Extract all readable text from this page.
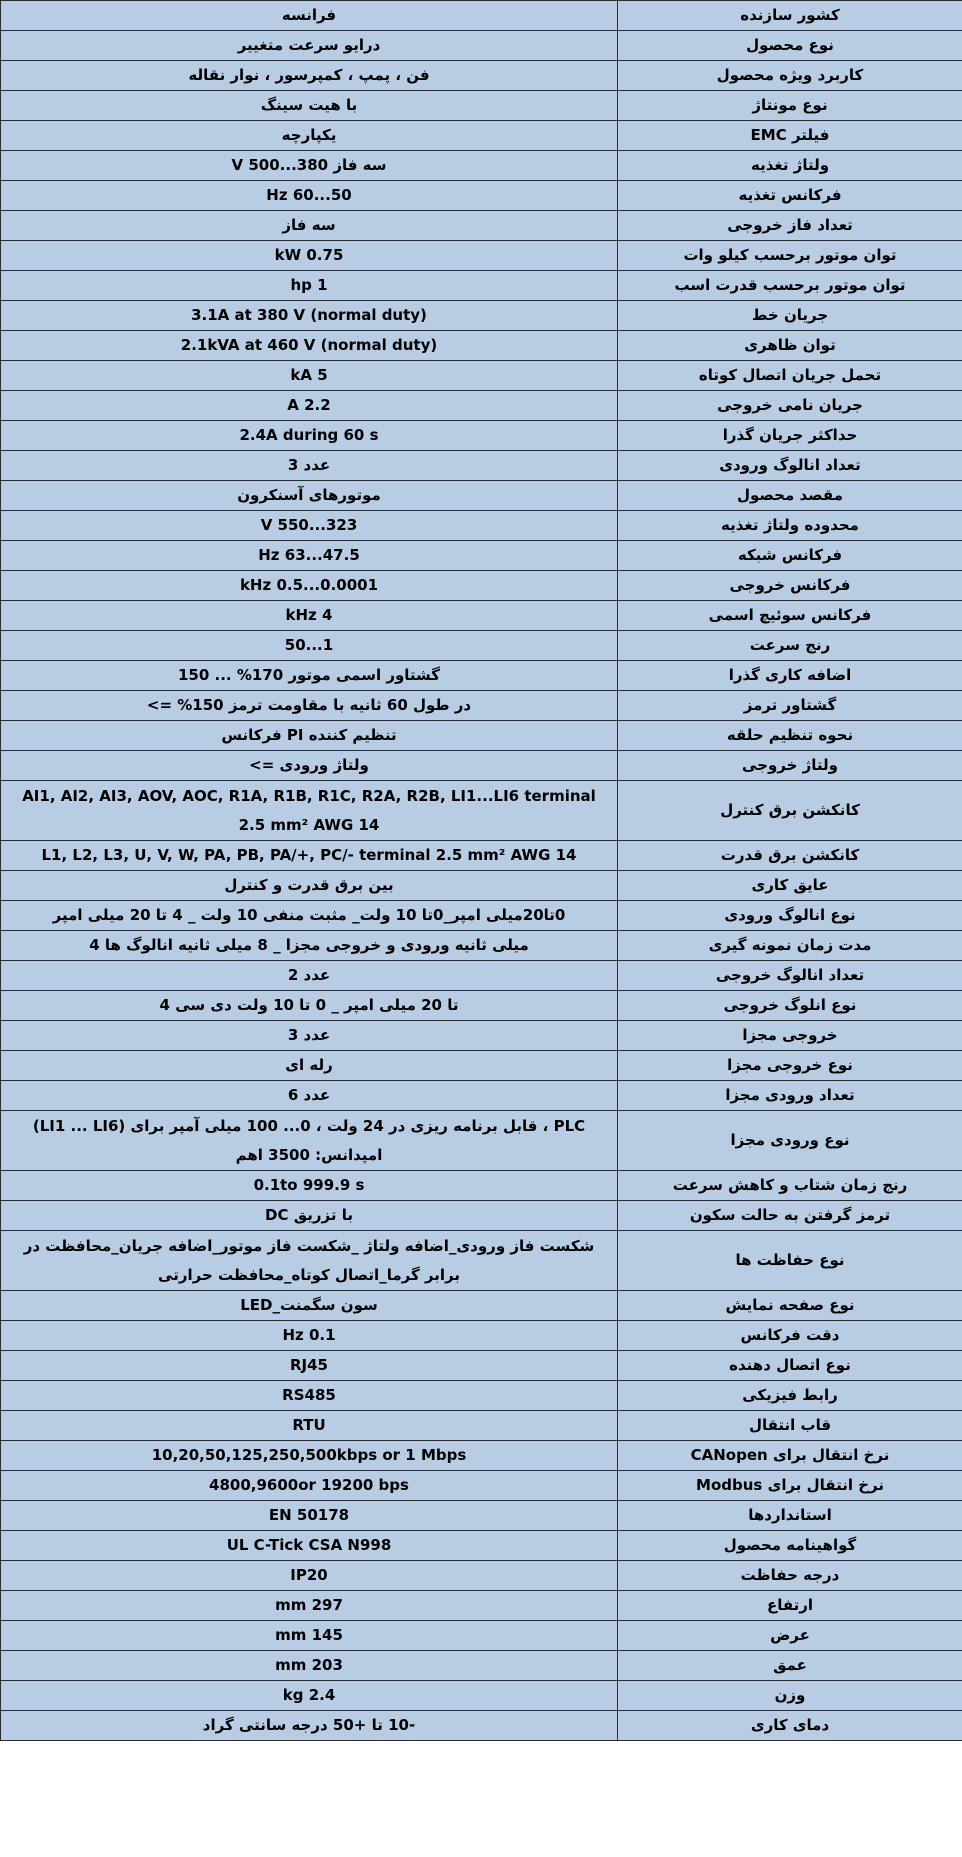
کشور سازنده	فرانسه
نوع محصول	درایو سرعت متغییر
کاربرد ویژه محصول	فن ، پمپ ، کمپرسور ، نوار نقاله
نوع مونتاژ	با هیت سینگ
فیلتر EMC	یکپارچه
ولتاژ تغذیه	سه فاز 380...500 V
فرکانس تغذیه	50...60 Hz
تعداد فاز خروجی	سه فاز
توان موتور برحسب کیلو وات	0.75 kW
توان موتور برحسب قدرت اسب	1 hp
جریان خط	3.1A at 380 V (normal duty)
توان ظاهری	2.1kVA at 460 V (normal duty)
تحمل جریان اتصال کوتاه	5 kA
جریان نامی خروجی	2.2 A
حداکثر جریان گذرا	2.4A during 60 s
تعداد انالوگ ورودی	عدد 3
مقصد محصول	موتورهای آسنکرون
محدوده ولتاژ تغذیه	323...550 V
فرکانس شبکه	47.5...63 Hz
فرکانس خروجی	0.0001...0.5 kHz
فرکانس سوئیچ اسمی	4 kHz
رنج سرعت	1...50
اضافه کاری گذرا	گشتاور اسمی موتور 170% ... 150
گشتاور ترمز	در طول 60 ثانیه با مقاومت ترمز 150% =>
نحوه تنظیم حلقه	تنظیم کننده PI فرکانس
ولتاژ خروجی	ولتاژ ورودی =>
کانکشن برق کنترل	AI1, AI2, AI3, AOV, AOC, R1A, R1B, R1C, R2A, R2B, LI1...LI6 terminal 2.5 mm² AWG 14
کانکشن برق قدرت	L1, L2, L3, U, V, W, PA, PB, PA/+, PC/- terminal 2.5 mm² AWG 14
عایق کاری	بین برق قدرت و کنترل
نوع انالوگ ورودی	0تا20میلی امپر_0تا 10 ولت_ مثبت منفی 10 ولت _ 4 تا 20 میلی امپر
مدت زمان نمونه گیری	میلی ثانیه ورودی و خروجی مجزا _ 8 میلی ثانیه انالوگ ها 4
تعداد انالوگ خروجی	عدد 2
نوع انلوگ خروجی	تا 20 میلی امپر _ 0 تا 10 ولت دی سی 4
خروجی مجزا	عدد 3
نوع خروجی مجزا	رله ای
تعداد ورودی مجزا	عدد 6
نوع ورودی مجزا	PLC ، قابل برنامه ریزی در 24 ولت ، 0... 100 میلی آمپر برای (LI1 ... LI6) امپدانس: 3500 اهم
رنج زمان شتاب و کاهش سرعت	0.1to 999.9 s
ترمز گرفتن به حالت سکون	با تزریق DC
نوع حفاظت ها	شکست فاز ورودی_اضافه ولتاژ _شکست فاز موتور_اضافه جریان_محافظت در برابر گرما_اتصال کوتاه_محافظت حرارتی
نوع صفحه نمایش	سون سگمنت_LED
دقت فرکانس	0.1 Hz
نوع اتصال دهنده	RJ45
رابط فیزیکی	RS485
قاب انتقال	RTU
نرخ انتقال برای CANopen	10,20,50,125,250,500kbps or 1 Mbps
نرخ انتقال برای Modbus	4800,9600or 19200 bps
استانداردها	EN 50178
گواهینامه محصول	UL C-Tick CSA N998
درجه حفاظت	IP20
ارتفاع	297 mm
عرض	145 mm
عمق	203 mm
وزن	2.4 kg
دمای کاری	-10 تا +50 درجه سانتی گراد
